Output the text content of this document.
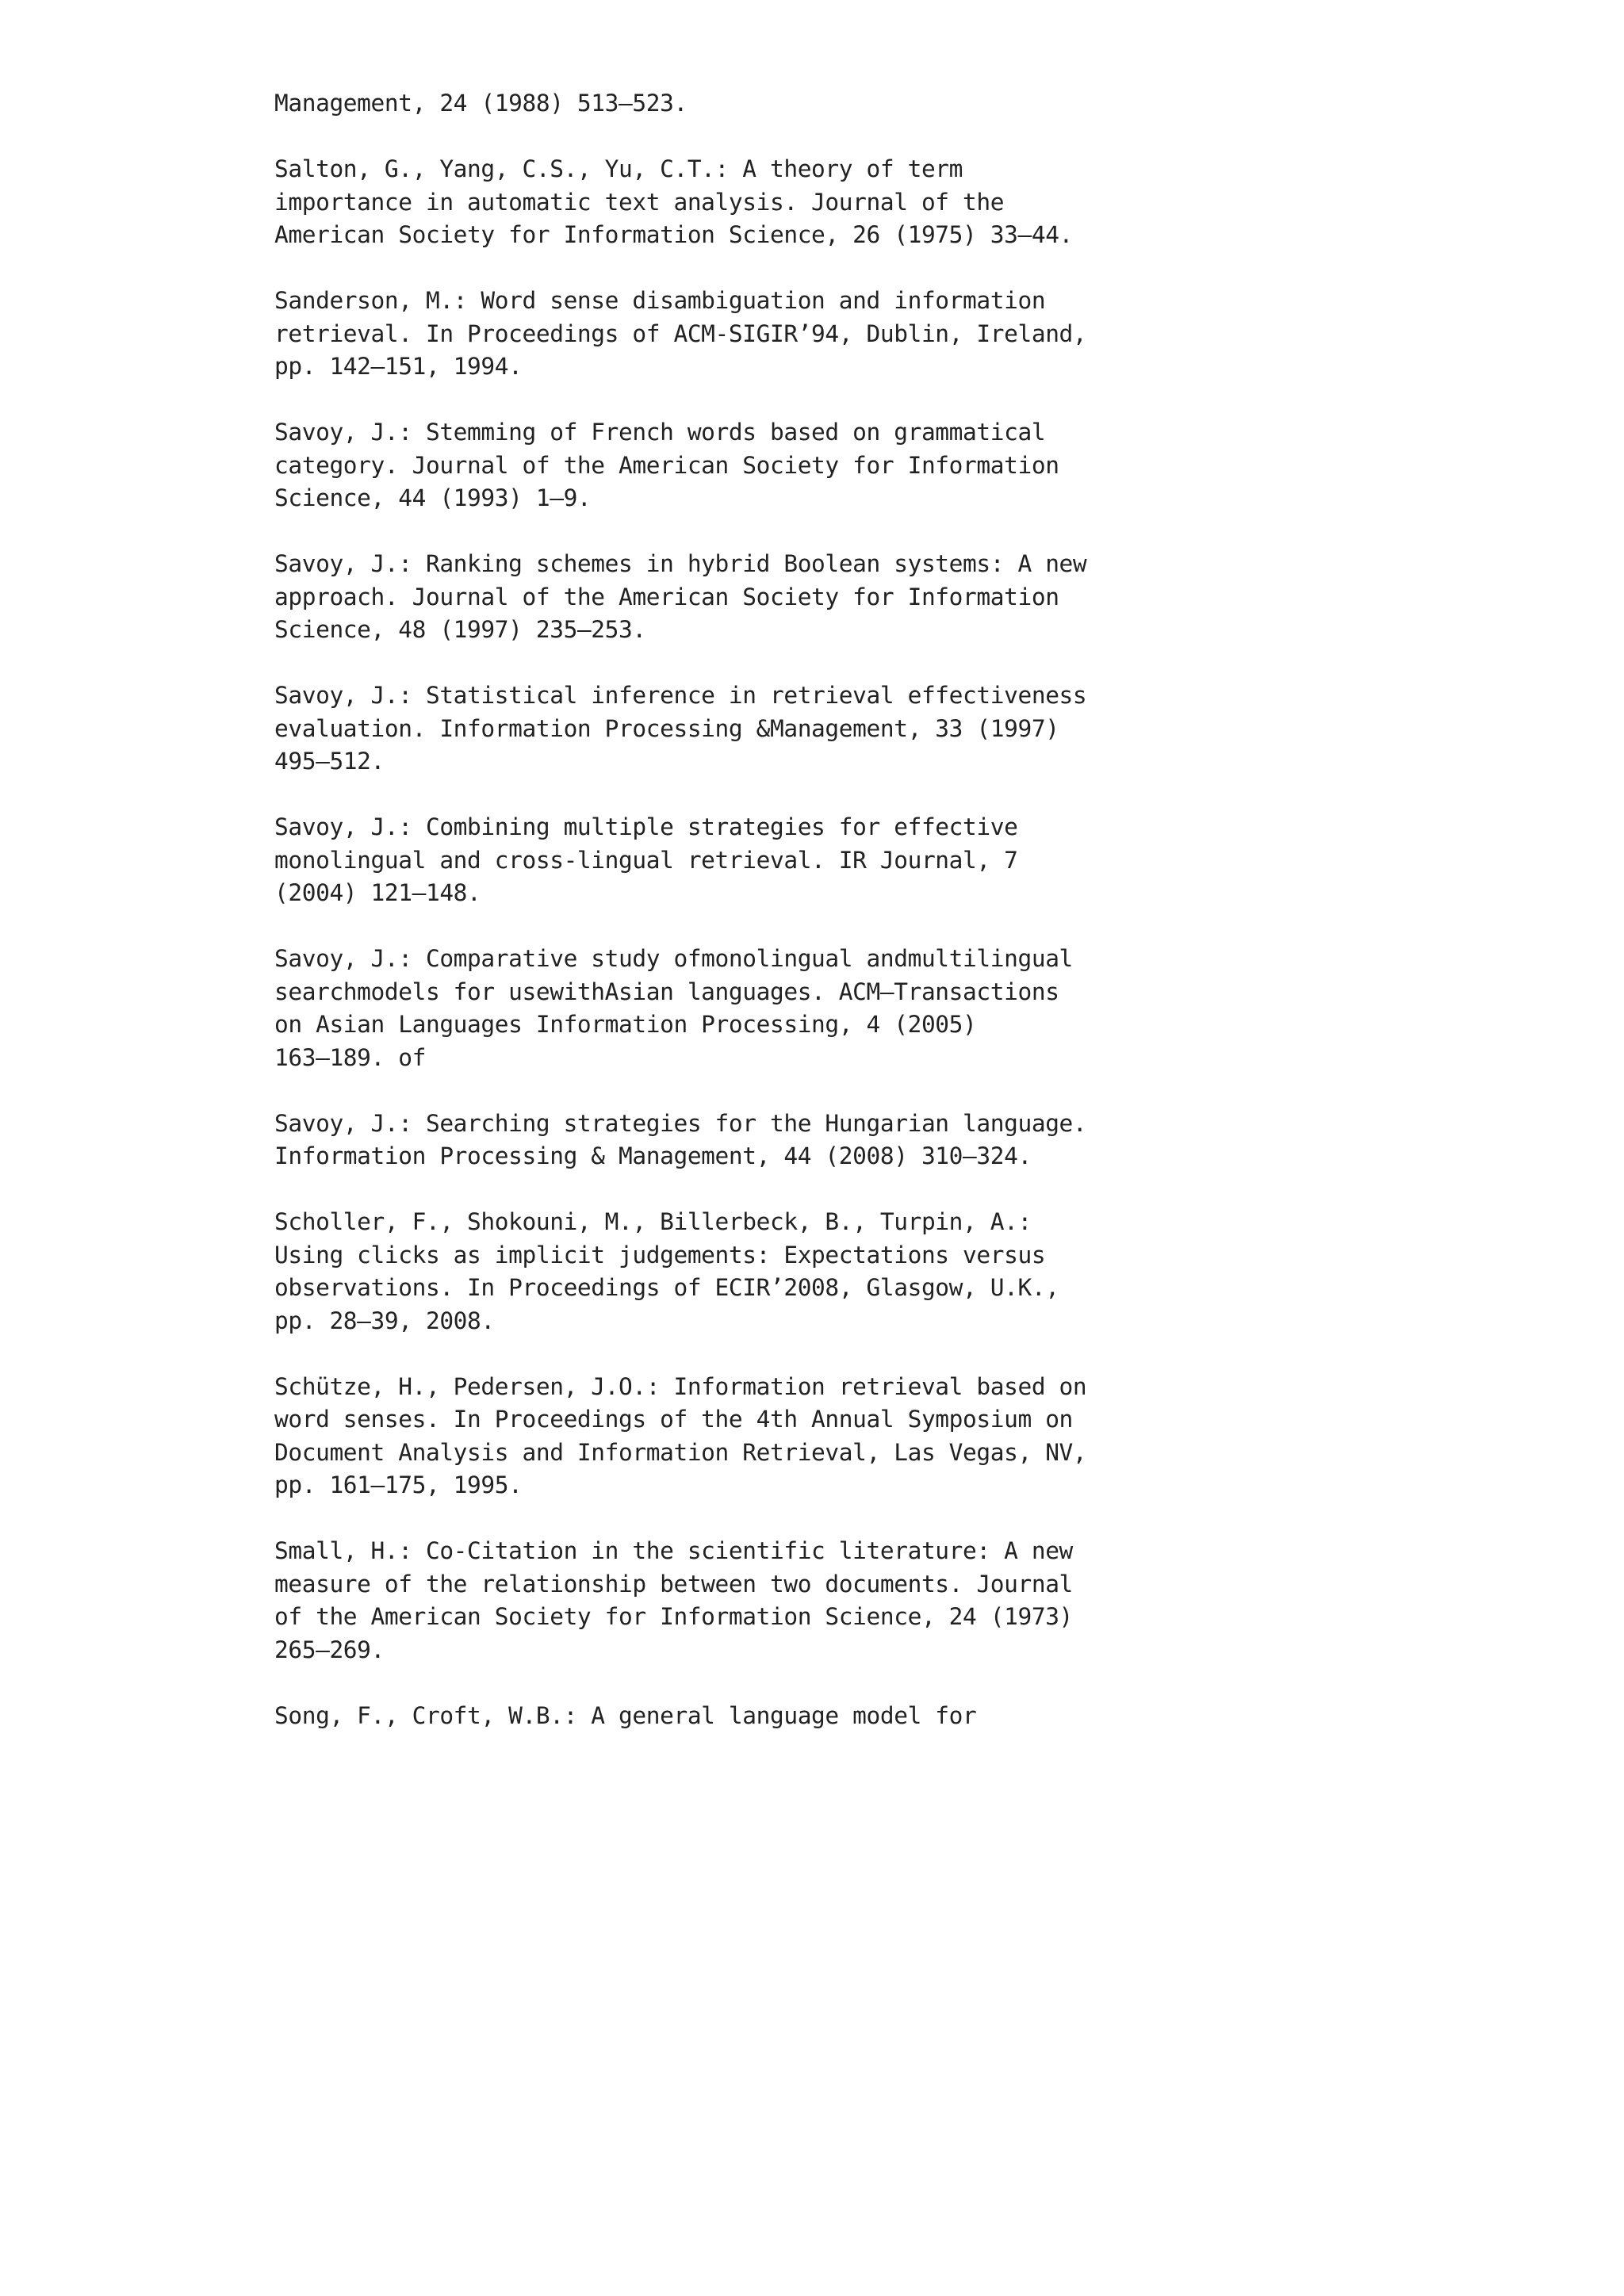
Management, 24 (1988) 513–523.
Salton, G., Yang, C.S., Yu, C.T.: A theory of term
importance in automatic text analysis. Journal of the
American Society for Information Science, 26 (1975) 33–44.
Sanderson, M.: Word sense disambiguation and information
retrieval. In Proceedings of ACM-SIGIR’94, Dublin, Ireland,
pp. 142–151, 1994.
Savoy, J.: Stemming of French words based on grammatical
category. Journal of the American Society for Information
Science, 44 (1993) 1–9.
Savoy, J.: Ranking schemes in hybrid Boolean systems: A new
approach. Journal of the American Society for Information
Science, 48 (1997) 235–253.
Savoy, J.: Statistical inference in retrieval effectiveness
evaluation. Information Processing &Management, 33 (1997)
495–512.
Savoy, J.: Combining multiple strategies for effective
monolingual and cross-lingual retrieval. IR Journal, 7
(2004) 121–148.
Savoy, J.: Comparative study ofmonolingual andmultilingual
searchmodels for usewithAsian languages. ACM—Transactions
on Asian Languages Information Processing, 4 (2005)
163–189. of
Savoy, J.: Searching strategies for the Hungarian language.
Information Processing & Management, 44 (2008) 310–324.
Scholler, F., Shokouni, M., Billerbeck, B., Turpin, A.:
Using clicks as implicit judgements: Expectations versus
observations. In Proceedings of ECIR’2008, Glasgow, U.K.,
pp. 28–39, 2008.
Schütze, H., Pedersen, J.O.: Information retrieval based on
word senses. In Proceedings of the 4th Annual Symposium on
Document Analysis and Information Retrieval, Las Vegas, NV,
pp. 161–175, 1995.
Small, H.: Co-Citation in the scientific literature: A new
measure of the relationship between two documents. Journal
of the American Society for Information Science, 24 (1973)
265–269.
Song, F., Croft, W.B.: A general language model for
